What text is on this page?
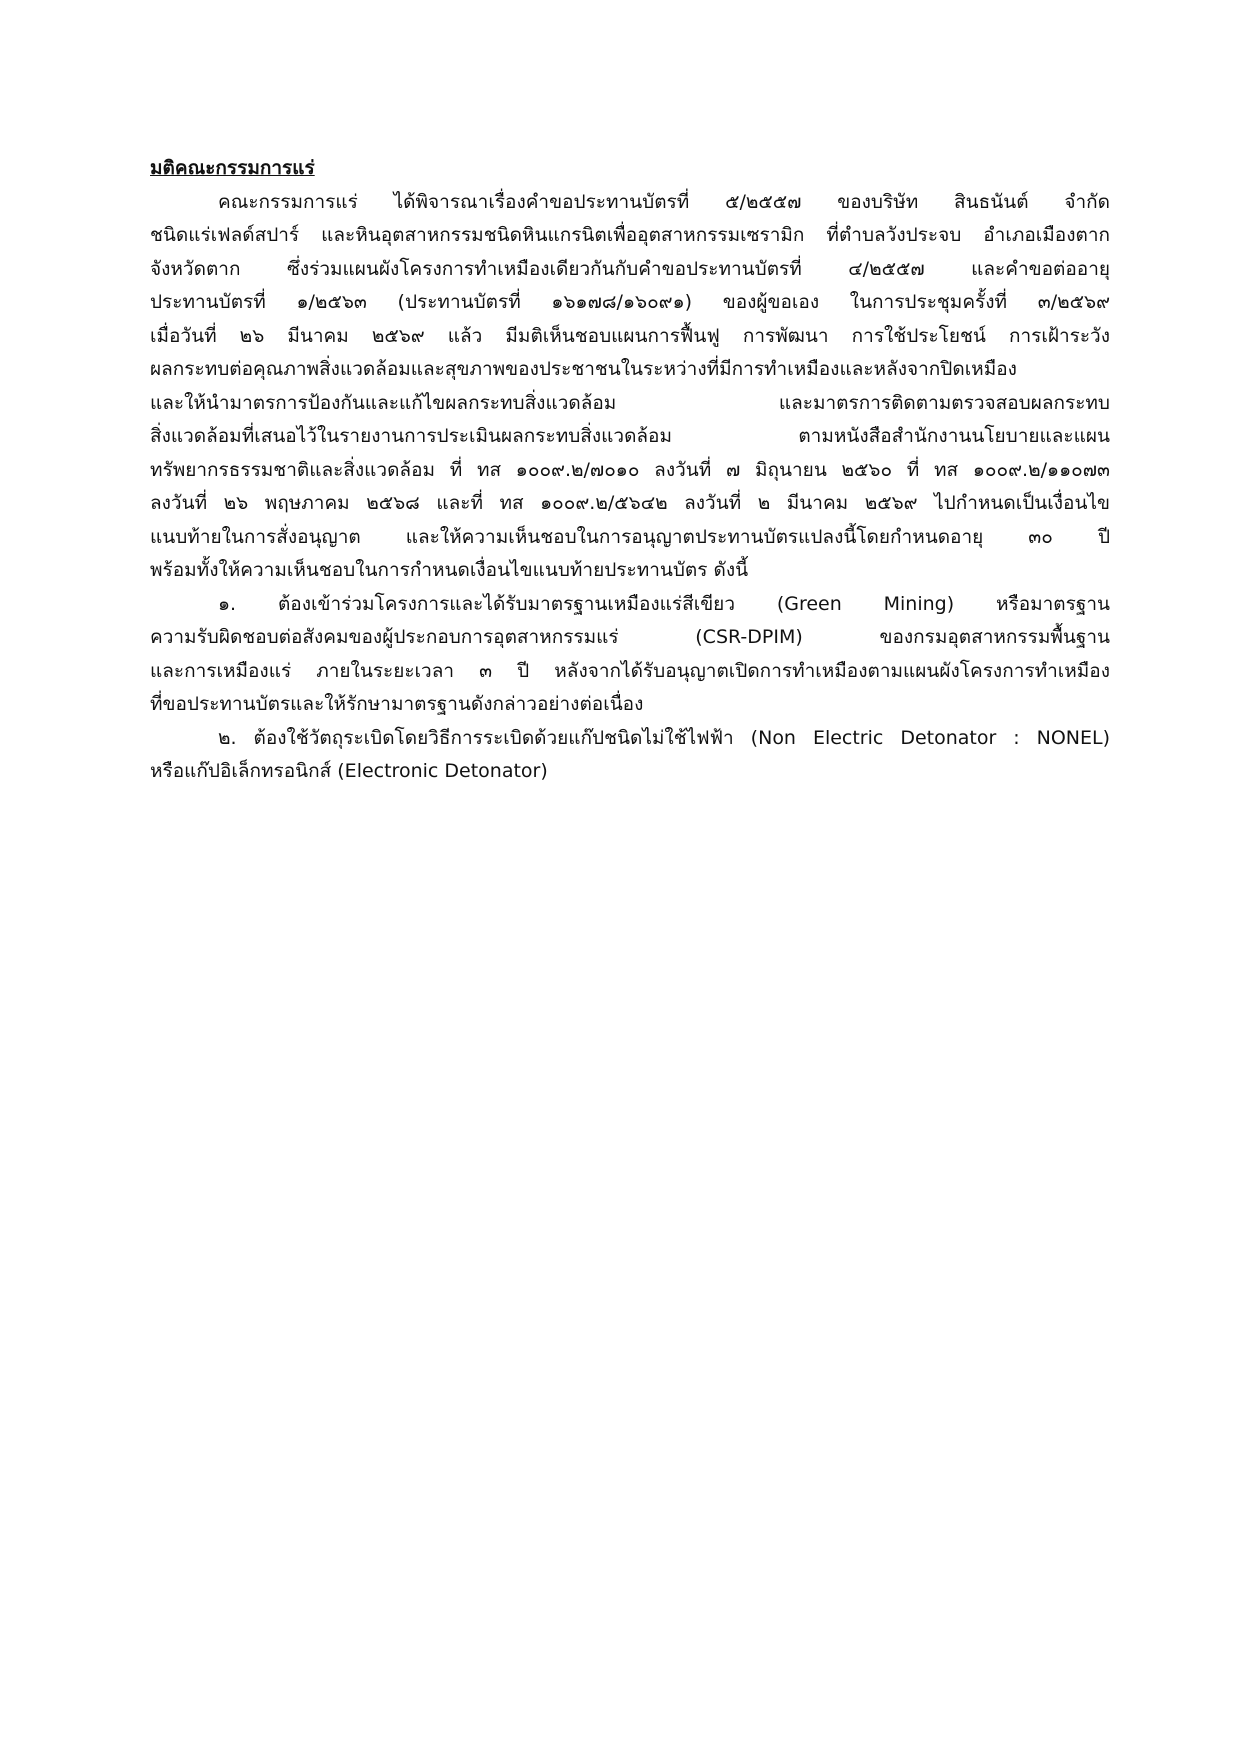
มติคณะกรรมการแร่
คณะกรรมการแร่ ได้พิจารณาเรื่องคำขอประทานบัตรที่ ๕/๒๕๕๗ ของบริษัท สินธนันต์ จำกัด
ชนิดแร่เฟลด์สปาร์ และหินอุตสาหกรรมชนิดหินแกรนิตเพื่ออุตสาหกรรมเซรามิก ที่ตำบลวังประจบ อำเภอเมืองตาก
จังหวัดตาก ซึ่งร่วมแผนผังโครงการทำเหมืองเดียวกันกับคำขอประทานบัตรที่ ๔/๒๕๕๗ และคำขอต่ออายุ
ประทานบัตรที่ ๑/๒๕๖๓ (ประทานบัตรที่ ๑๖๑๗๘/๑๖๐๙๑) ของผู้ขอเอง ในการประชุมครั้งที่ ๓/๒๕๖๙
เมื่อวันที่ ๒๖ มีนาคม ๒๕๖๙ แล้ว มีมติเห็นชอบแผนการฟื้นฟู การพัฒนา การใช้ประโยชน์ การเฝ้าระวัง
ผลกระทบต่อคุณภาพสิ่งแวดล้อมและสุขภาพของประชาชนในระหว่างที่มีการทำเหมืองและหลังจากปิดเหมือง
และให้นำมาตรการป้องกันและแก้ไขผลกระทบสิ่งแวดล้อม และมาตรการติดตามตรวจสอบผลกระทบ
สิ่งแวดล้อมที่เสนอไว้ในรายงานการประเมินผลกระทบสิ่งแวดล้อม ตามหนังสือสำนักงานนโยบายและแผน
ทรัพยากรธรรมชาติและสิ่งแวดล้อม ที่ ทส ๑๐๐๙.๒/๗๐๑๐ ลงวันที่ ๗ มิถุนายน ๒๕๖๐ ที่ ทส ๑๐๐๙.๒/๑๑๐๗๓
ลงวันที่ ๒๖ พฤษภาคม ๒๕๖๘ และที่ ทส ๑๐๐๙.๒/๕๖๔๒ ลงวันที่ ๒ มีนาคม ๒๕๖๙ ไปกำหนดเป็นเงื่อนไข
แนบท้ายในการสั่งอนุญาต และให้ความเห็นชอบในการอนุญาตประทานบัตรแปลงนี้โดยกำหนดอายุ ๓๐ ปี
พร้อมทั้งให้ความเห็นชอบในการกำหนดเงื่อนไขแนบท้ายประทานบัตร ดังนี้
๑. ต้องเข้าร่วมโครงการและได้รับมาตรฐานเหมืองแร่สีเขียว (Green Mining) หรือมาตรฐาน
ความรับผิดชอบต่อสังคมของผู้ประกอบการอุตสาหกรรมแร่ (CSR-DPIM) ของกรมอุตสาหกรรมพื้นฐาน
และการเหมืองแร่ ภายในระยะเวลา ๓ ปี หลังจากได้รับอนุญาตเปิดการทำเหมืองตามแผนผังโครงการทำเหมือง
ที่ขอประทานบัตรและให้รักษามาตรฐานดังกล่าวอย่างต่อเนื่อง
๒. ต้องใช้วัตถุระเบิดโดยวิธีการระเบิดด้วยแก๊ปชนิดไม่ใช้ไฟฟ้า (Non Electric Detonator : NONEL)
หรือแก๊ปอิเล็กทรอนิกส์ (Electronic Detonator)
